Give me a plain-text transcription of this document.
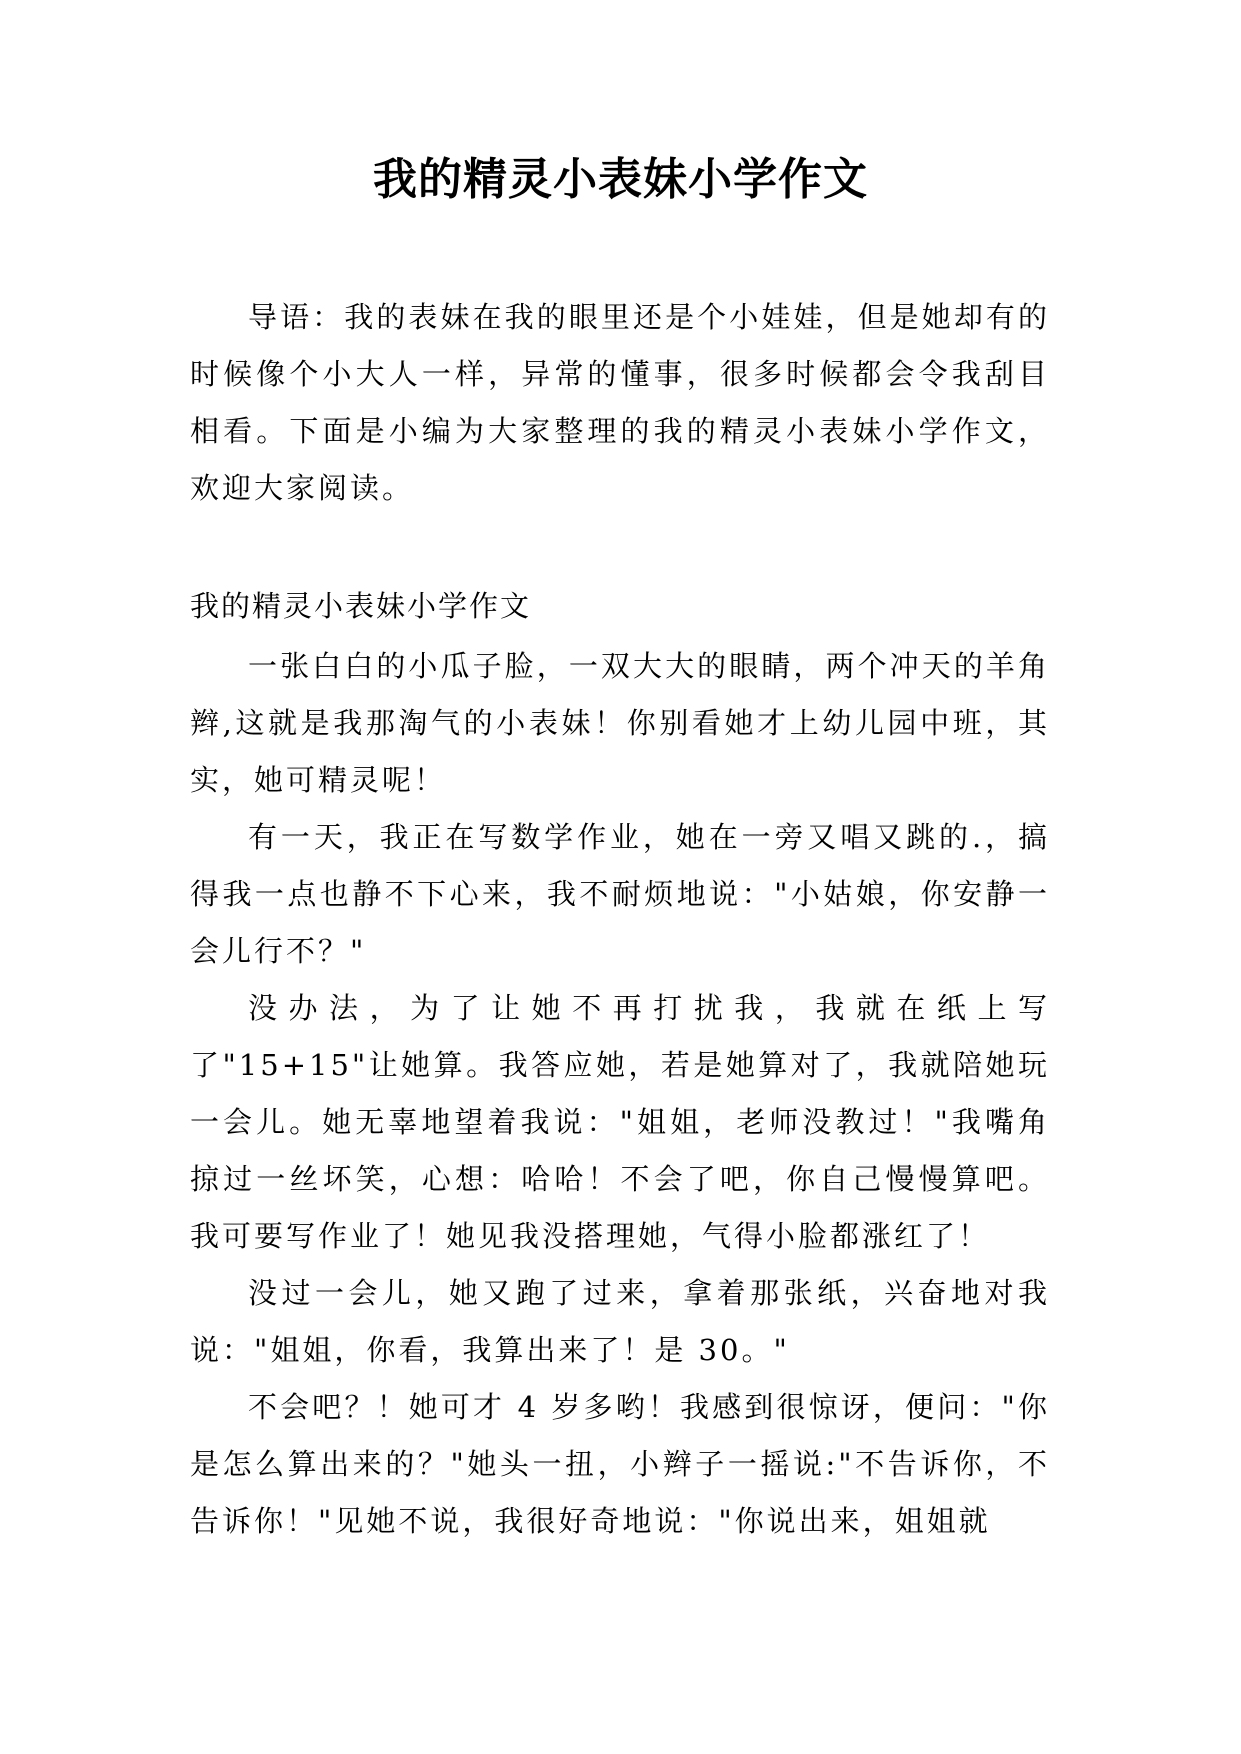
我的精灵小表妹小学作文

导语：我的表妹在我的眼里还是个小娃娃，但是她却有的时候像个小大人一样，异常的懂事，很多时候都会令我刮目相看。下面是小编为大家整理的我的精灵小表妹小学作文，欢迎大家阅读。

我的精灵小表妹小学作文

一张白白的小瓜子脸，一双大大的眼睛，两个冲天的羊角辫,这就是我那淘气的小表妹！你别看她才上幼儿园中班，其实，她可精灵呢！

有一天，我正在写数学作业，她在一旁又唱又跳的.，搞得我一点也静不下心来，我不耐烦地说："小姑娘，你安静一会儿行不？"

没办法，为了让她不再打扰我，我就在纸上写了"15+15"让她算。我答应她，若是她算对了，我就陪她玩一会儿。她无辜地望着我说："姐姐，老师没教过！"我嘴角掠过一丝坏笑，心想：哈哈！不会了吧，你自己慢慢算吧。我可要写作业了！她见我没搭理她，气得小脸都涨红了！

没过一会儿，她又跑了过来，拿着那张纸，兴奋地对我说："姐姐，你看，我算出来了！是 30。"

不会吧？！她可才 4 岁多哟！我感到很惊讶，便问："你是怎么算出来的？"她头一扭，小辫子一摇说:"不告诉你，不告诉你！"见她不说，我很好奇地说："你说出来，姐姐就
